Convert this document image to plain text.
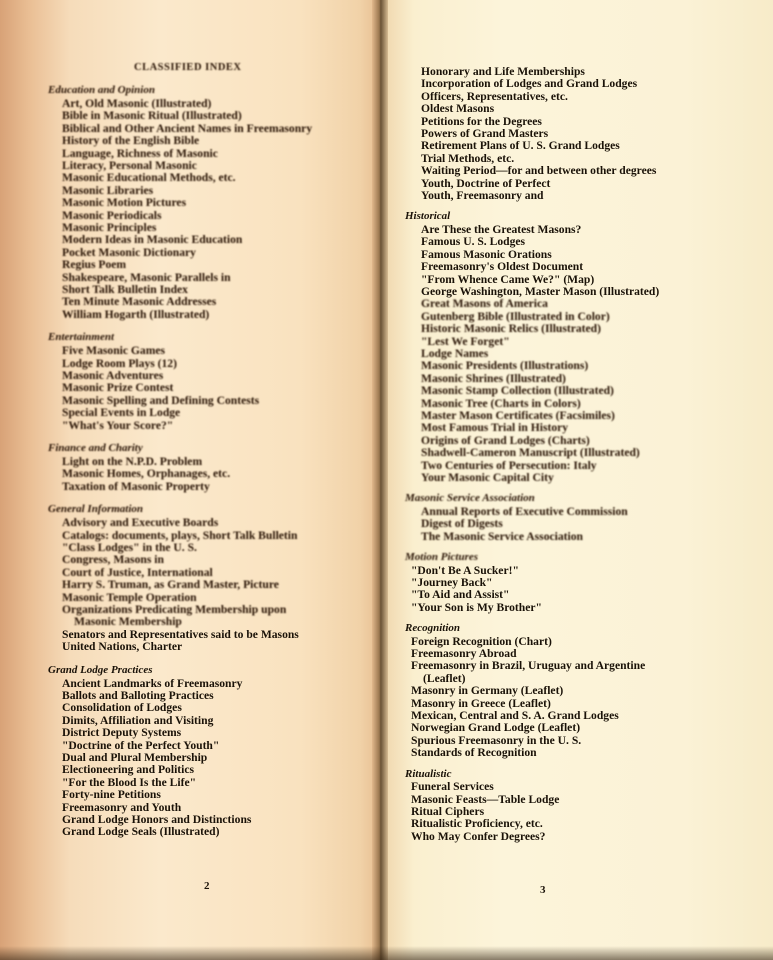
CLASSIFIED INDEX
Education and Opinion
Art, Old Masonic (Illustrated)
Bible in Masonic Ritual (Illustrated)
Biblical and Other Ancient Names in Freemasonry
History of the English Bible
Language, Richness of Masonic
Literacy, Personal Masonic
Masonic Educational Methods, etc.
Masonic Libraries
Masonic Motion Pictures
Masonic Periodicals
Masonic Principles
Modern Ideas in Masonic Education
Pocket Masonic Dictionary
Regius Poem
Shakespeare, Masonic Parallels in
Short Talk Bulletin Index
Ten Minute Masonic Addresses
William Hogarth (Illustrated)
Entertainment
Five Masonic Games
Lodge Room Plays (12)
Masonic Adventures
Masonic Prize Contest
Masonic Spelling and Defining Contests
Special Events in Lodge
"What's Your Score?"
Finance and Charity
Light on the N.P.D. Problem
Masonic Homes, Orphanages, etc.
Taxation of Masonic Property
General Information
Advisory and Executive Boards
Catalogs: documents, plays, Short Talk Bulletin
"Class Lodges" in the U. S.
Congress, Masons in
Court of Justice, International
Harry S. Truman, as Grand Master, Picture
Masonic Temple Operation
Organizations Predicating Membership upon
Masonic Membership
Senators and Representatives said to be Masons
United Nations, Charter
Grand Lodge Practices
Ancient Landmarks of Freemasonry
Ballots and Balloting Practices
Consolidation of Lodges
Dimits, Affiliation and Visiting
District Deputy Systems
"Doctrine of the Perfect Youth"
Dual and Plural Membership
Electioneering and Politics
"For the Blood Is the Life"
Forty-nine Petitions
Freemasonry and Youth
Grand Lodge Honors and Distinctions
Grand Lodge Seals (Illustrated)
Honorary and Life Memberships
Incorporation of Lodges and Grand Lodges
Officers, Representatives, etc.
Oldest Masons
Petitions for the Degrees
Powers of Grand Masters
Retirement Plans of U. S. Grand Lodges
Trial Methods, etc.
Waiting Period—for and between other degrees
Youth, Doctrine of Perfect
Youth, Freemasonry and
Historical
Are These the Greatest Masons?
Famous U. S. Lodges
Famous Masonic Orations
Freemasonry's Oldest Document
"From Whence Came We?" (Map)
George Washington, Master Mason (Illustrated)
Great Masons of America
Gutenberg Bible (Illustrated in Color)
Historic Masonic Relics (Illustrated)
"Lest We Forget"
Lodge Names
Masonic Presidents (Illustrations)
Masonic Shrines (Illustrated)
Masonic Stamp Collection (Illustrated)
Masonic Tree (Charts in Colors)
Master Mason Certificates (Facsimiles)
Most Famous Trial in History
Origins of Grand Lodges (Charts)
Shadwell-Cameron Manuscript (Illustrated)
Two Centuries of Persecution: Italy
Your Masonic Capital City
Masonic Service Association
Annual Reports of Executive Commission
Digest of Digests
The Masonic Service Association
Motion Pictures
"Don't Be A Sucker!"
"Journey Back"
"To Aid and Assist"
"Your Son is My Brother"
Recognition
Foreign Recognition (Chart)
Freemasonry Abroad
Freemasonry in Brazil, Uruguay and Argentine
(Leaflet)
Masonry in Germany (Leaflet)
Masonry in Greece (Leaflet)
Mexican, Central and S. A. Grand Lodges
Norwegian Grand Lodge (Leaflet)
Spurious Freemasonry in the U. S.
Standards of Recognition
Ritualistic
Funeral Services
Masonic Feasts—Table Lodge
Ritual Ciphers
Ritualistic Proficiency, etc.
Who May Confer Degrees?
2	3
